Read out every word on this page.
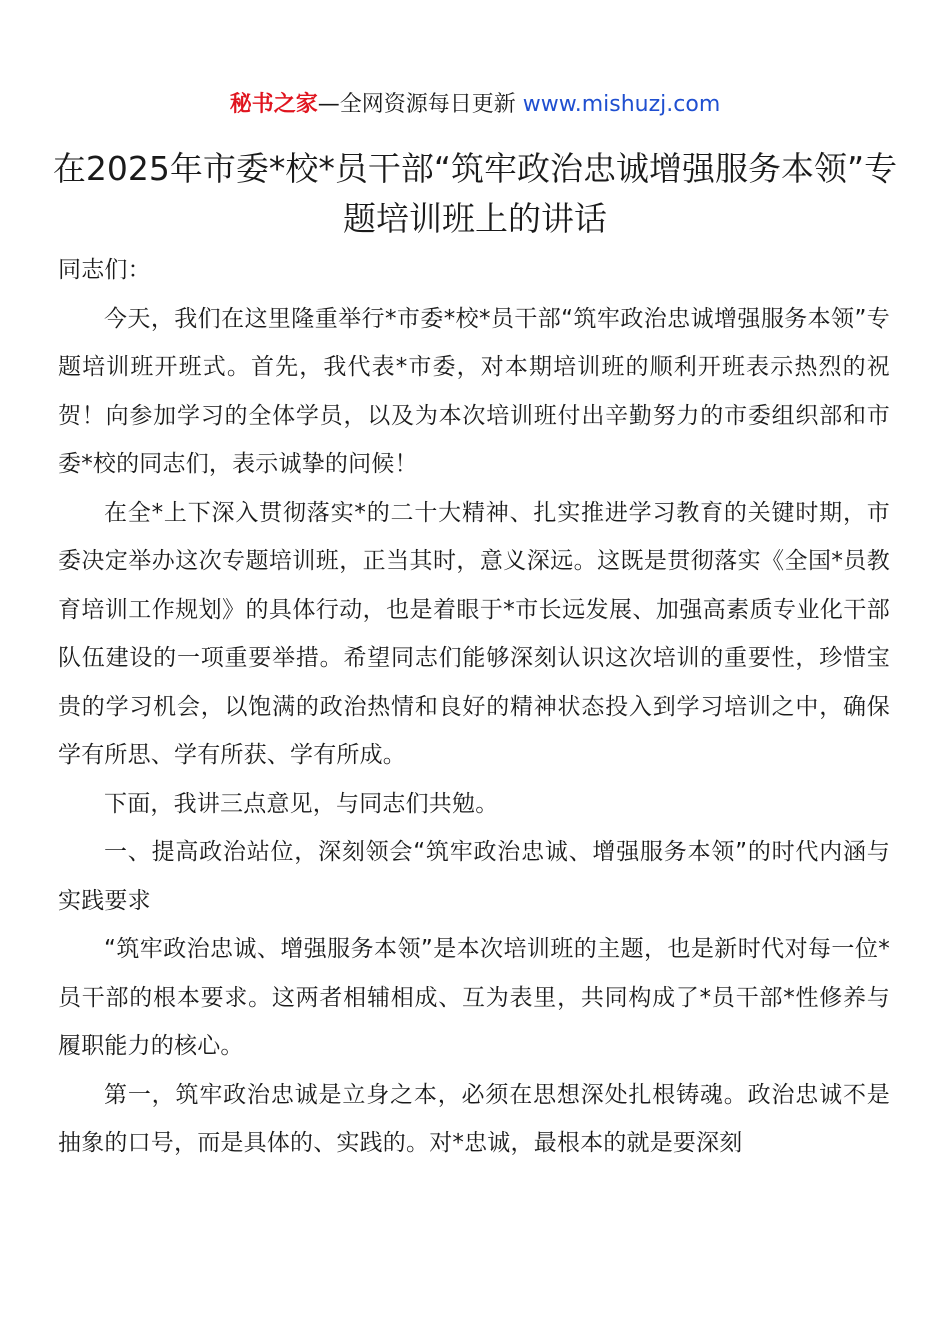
秘书之家—全网资源每日更新 www.mishuzj.com
在2025年市委*校*员干部“筑牢政治忠诚增强服务本领”专题培训班上的讲话

同志们：

今天，我们在这里隆重举行*市委*校*员干部“筑牢政治忠诚增强服务本领”专题培训班开班式。首先，我代表*市委，对本期培训班的顺利开班表示热烈的祝贺！向参加学习的全体学员，以及为本次培训班付出辛勤努力的市委组织部和市委*校的同志们，表示诚挚的问候！

在全*上下深入贯彻落实*的二十大精神、扎实推进学习教育的关键时期，市委决定举办这次专题培训班，正当其时，意义深远。这既是贯彻落实《全国*员教育培训工作规划》的具体行动，也是着眼于*市长远发展、加强高素质专业化干部队伍建设的一项重要举措。希望同志们能够深刻认识这次培训的重要性，珍惜宝贵的学习机会，以饱满的政治热情和良好的精神状态投入到学习培训之中，确保学有所思、学有所获、学有所成。

下面，我讲三点意见，与同志们共勉。

一、提高政治站位，深刻领会“筑牢政治忠诚、增强服务本领”的时代内涵与实践要求

“筑牢政治忠诚、增强服务本领”是本次培训班的主题，也是新时代对每一位*员干部的根本要求。这两者相辅相成、互为表里，共同构成了*员干部*性修养与履职能力的核心。

第一，筑牢政治忠诚是立身之本，必须在思想深处扎根铸魂。政治忠诚不是抽象的口号，而是具体的、实践的。对*忠诚，最根本的就是要深刻
